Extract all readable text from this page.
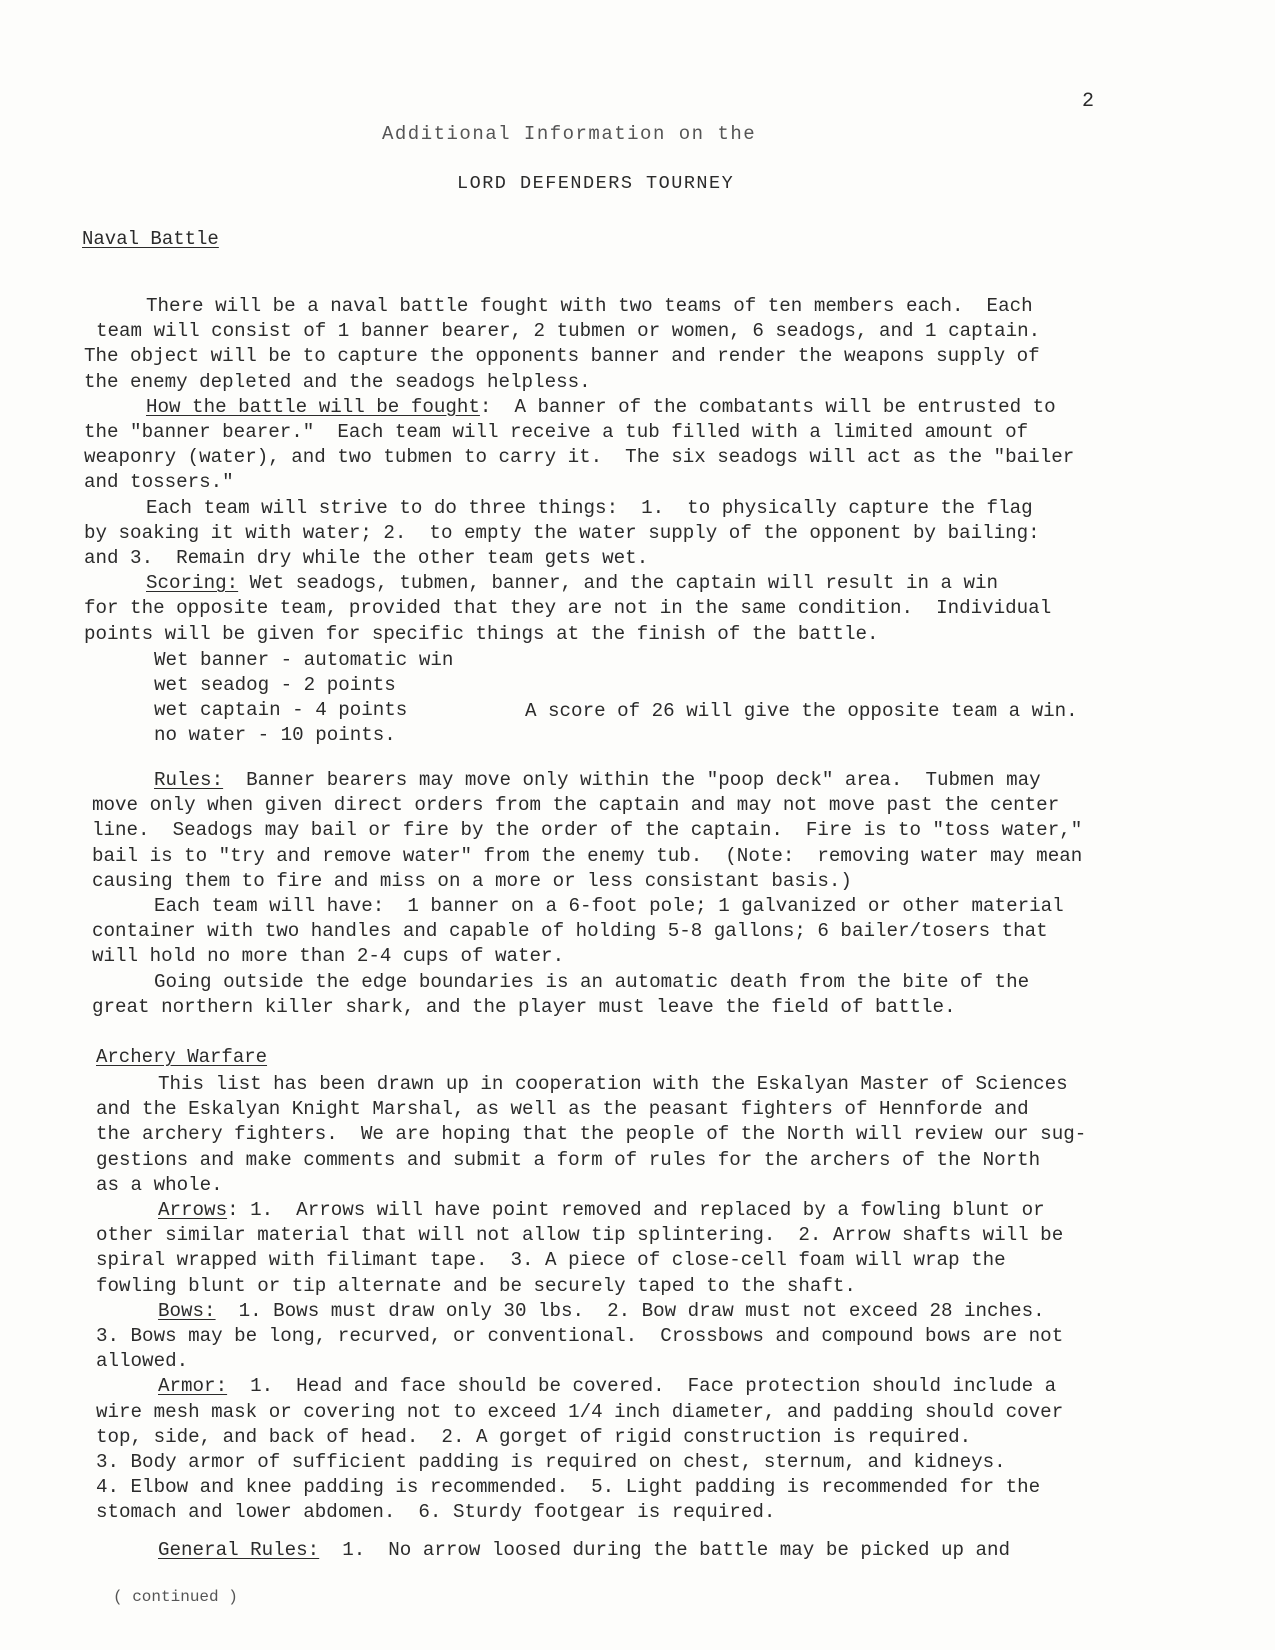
2
Additional Information on the
LORD DEFENDERS TOURNEY
Naval Battle

There will be a naval battle fought with two teams of ten members each.  Each

team will consist of 1 banner bearer, 2 tubmen or women, 6 seadogs, and 1 captain.

The object will be to capture the opponents banner and render the weapons supply of

the enemy depleted and the seadogs helpless.

How the battle will be fought:  A banner of the combatants will be entrusted to

the "banner bearer."  Each team will receive a tub filled with a limited amount of

weaponry (water), and two tubmen to carry it.  The six seadogs will act as the "bailer

and tossers."

Each team will strive to do three things:  1.  to physically capture the flag

by soaking it with water; 2.  to empty the water supply of the opponent by bailing:

and 3.  Remain dry while the other team gets wet.

Scoring: Wet seadogs, tubmen, banner, and the captain will result in a win

for the opposite team, provided that they are not in the same condition.  Individual

points will be given for specific things at the finish of the battle.

Wet banner - automatic win
wet seadog - 2 points
wet captain - 4 points
no water - 10 points.
A score of 26 will give the opposite team a win.

Rules:  Banner bearers may move only within the "poop deck" area.  Tubmen may

move only when given direct orders from the captain and may not move past the center

line.  Seadogs may bail or fire by the order of the captain.  Fire is to "toss water,"

bail is to "try and remove water" from the enemy tub.  (Note:  removing water may mean

causing them to fire and miss on a more or less consistant basis.)

Each team will have:  1 banner on a 6-foot pole; 1 galvanized or other material

container with two handles and capable of holding 5-8 gallons; 6 bailer/tosers that

will hold no more than 2-4 cups of water.

Going outside the edge boundaries is an automatic death from the bite of the

great northern killer shark, and the player must leave the field of battle.

Archery Warfare

This list has been drawn up in cooperation with the Eskalyan Master of Sciences

and the Eskalyan Knight Marshal, as well as the peasant fighters of Hennforde and

the archery fighters.  We are hoping that the people of the North will review our sug-

gestions and make comments and submit a form of rules for the archers of the North

as a whole.

Arrows: 1.  Arrows will have point removed and replaced by a fowling blunt or

other similar material that will not allow tip splintering.  2. Arrow shafts will be

spiral wrapped with filimant tape.  3. A piece of close-cell foam will wrap the

fowling blunt or tip alternate and be securely taped to the shaft.

Bows:  1. Bows must draw only 30 lbs.  2. Bow draw must not exceed 28 inches.

3. Bows may be long, recurved, or conventional.  Crossbows and compound bows are not

allowed.

Armor:  1.  Head and face should be covered.  Face protection should include a

wire mesh mask or covering not to exceed 1/4 inch diameter, and padding should cover

top, side, and back of head.  2. A gorget of rigid construction is required.

3. Body armor of sufficient padding is required on chest, sternum, and kidneys.

4. Elbow and knee padding is recommended.  5. Light padding is recommended for the

stomach and lower abdomen.  6. Sturdy footgear is required.

General Rules:  1.  No arrow loosed during the battle may be picked up and

( continued )
